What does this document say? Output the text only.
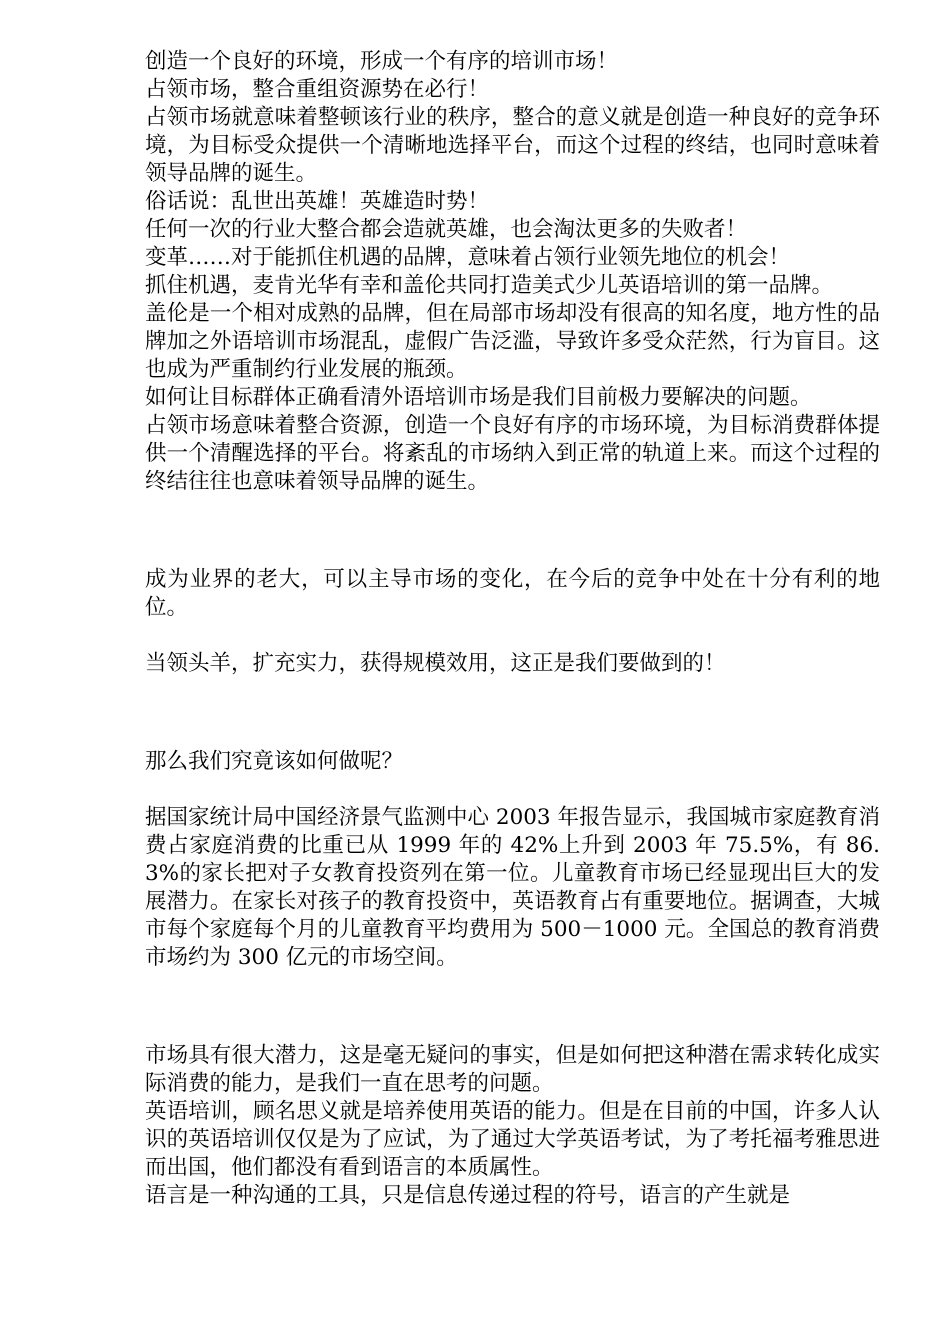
创造一个良好的环境，形成一个有序的培训市场！

占领市场，整合重组资源势在必行！

占领市场就意味着整顿该行业的秩序，整合的意义就是创造一种良好的竞争环境，为目标受众提供一个清晰地选择平台，而这个过程的终结，也同时意味着领导品牌的诞生。

俗话说：乱世出英雄！英雄造时势！

任何一次的行业大整合都会造就英雄，也会淘汰更多的失败者！

变革……对于能抓住机遇的品牌，意味着占领行业领先地位的机会！

抓住机遇，麦肯光华有幸和盖伦共同打造美式少儿英语培训的第一品牌。

盖伦是一个相对成熟的品牌，但在局部市场却没有很高的知名度，地方性的品牌加之外语培训市场混乱，虚假广告泛滥，导致许多受众茫然，行为盲目。这也成为严重制约行业发展的瓶颈。

如何让目标群体正确看清外语培训市场是我们目前极力要解决的问题。

占领市场意味着整合资源，创造一个良好有序的市场环境，为目标消费群体提供一个清醒选择的平台。将紊乱的市场纳入到正常的轨道上来。而这个过程的终结往往也意味着领导品牌的诞生。

成为业界的老大，可以主导市场的变化，在今后的竞争中处在十分有利的地位。

当领头羊，扩充实力，获得规模效用，这正是我们要做到的！

那么我们究竟该如何做呢？

据国家统计局中国经济景气监测中心 2003 年报告显示，我国城市家庭教育消费占家庭消费的比重已从 1999 年的 42%上升到 2003 年 75.5%，有 86.3%的家长把对子女教育投资列在第一位。儿童教育市场已经显现出巨大的发展潜力。在家长对孩子的教育投资中，英语教育占有重要地位。据调查，大城市每个家庭每个月的儿童教育平均费用为 500－1000 元。全国总的教育消费市场约为 300 亿元的市场空间。

市场具有很大潜力，这是毫无疑问的事实，但是如何把这种潜在需求转化成实际消费的能力，是我们一直在思考的问题。

英语培训，顾名思义就是培养使用英语的能力。但是在目前的中国，许多人认识的英语培训仅仅是为了应试，为了通过大学英语考试，为了考托福考雅思进而出国，他们都没有看到语言的本质属性。

语言是一种沟通的工具，只是信息传递过程的符号，语言的产生就是
